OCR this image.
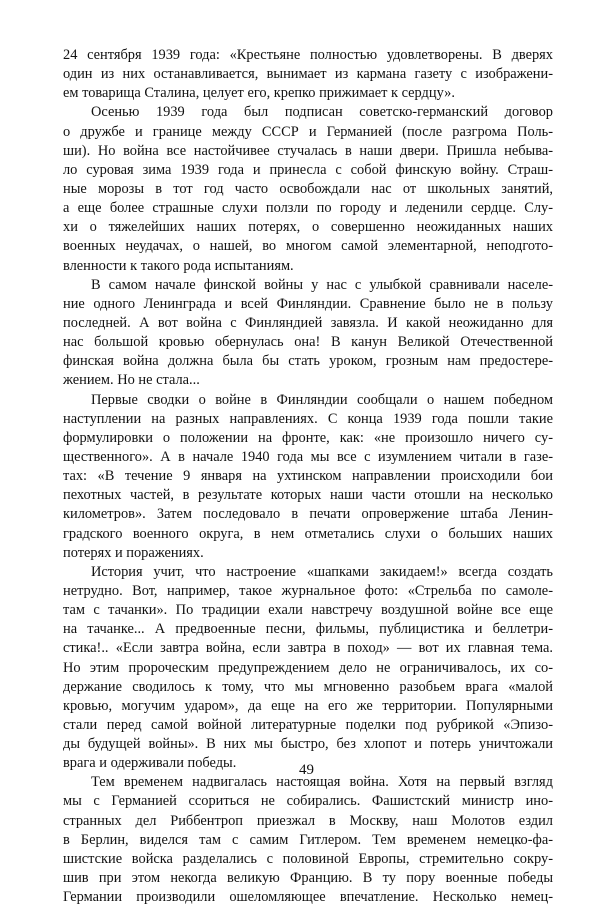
24 сентября 1939 года: «Крестьяне полностью удовлетворены. В дверях
один из них останавливается, вынимает из кармана газету с изображени-
ем товарища Сталина, целует его, крепко прижимает к сердцу».
Осенью 1939 года был подписан советско-германский договор
о дружбе и границе между СССР и Германией (после разгрома Поль-
ши). Но война все настойчивее стучалась в наши двери. Пришла небыва-
ло суровая зима 1939 года и принесла с собой финскую войну. Страш-
ные морозы в тот год часто освобождали нас от школьных занятий,
а еще более страшные слухи ползли по городу и леденили сердце. Слу-
хи о тяжелейших наших потерях, о совершенно неожиданных наших
военных неудачах, о нашей, во многом самой элементарной, неподгото-
вленности к такого рода испытаниям.
В самом начале финской войны у нас с улыбкой сравнивали населе-
ние одного Ленинграда и всей Финляндии. Сравнение было не в пользу
последней. А вот война с Финляндией завязла. И какой неожиданно для
нас большой кровью обернулась она! В канун Великой Отечественной
финская война должна была бы стать уроком, грозным нам предостере-
жением. Но не стала...
Первые сводки о войне в Финляндии сообщали о нашем победном
наступлении на разных направлениях. С конца 1939 года пошли такие
формулировки о положении на фронте, как: «не произошло ничего су-
щественного». А в начале 1940 года мы все с изумлением читали в газе-
тах: «В течение 9 января на ухтинском направлении происходили бои
пехотных частей, в результате которых наши части отошли на несколько
километров». Затем последовало в печати опровержение штаба Ленин-
градского военного округа, в нем отметались слухи о больших наших
потерях и поражениях.
История учит, что настроение «шапками закидаем!» всегда создать
нетрудно. Вот, например, такое журнальное фото: «Стрельба по самоле-
там с тачанки». По традиции ехали навстречу воздушной войне все еще
на тачанке... А предвоенные песни, фильмы, публицистика и беллетри-
стика!.. «Если завтра война, если завтра в поход» — вот их главная тема.
Но этим пророческим предупреждением дело не ограничивалось, их со-
держание сводилось к тому, что мы мгновенно разобьем врага «малой
кровью, могучим ударом», да еще на его же территории. Популярными
стали перед самой войной литературные поделки под рубрикой «Эпизо-
ды будущей войны». В них мы быстро, без хлопот и потерь уничтожали
врага и одерживали победы.
Тем временем надвигалась настоящая война. Хотя на первый взгляд
мы с Германией ссориться не собирались. Фашистский министр ино-
странных дел Риббентроп приезжал в Москву, наш Молотов ездил
в Берлин, виделся там с самим Гитлером. Тем временем немецко-фа-
шистские войска разделались с половиной Европы, стремительно сокру-
шив при этом некогда великую Францию. В ту пору военные победы
Германии производили ошеломляющее впечатление. Несколько немец-
49
